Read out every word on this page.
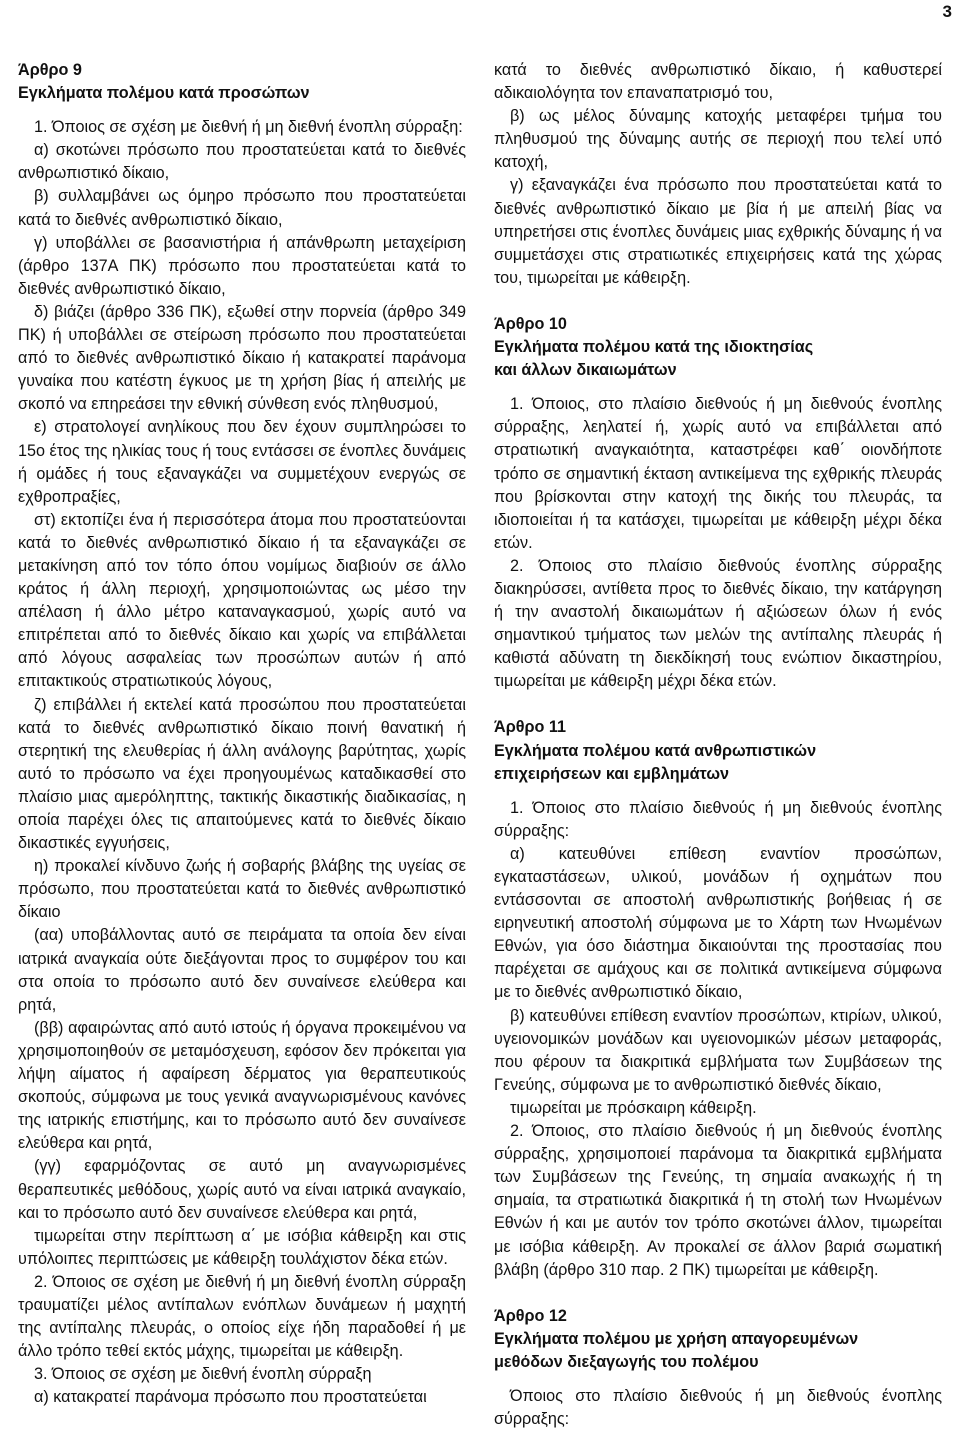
3

Άρθρο 9

Εγκλήματα πολέμου κατά προσώπων

1. Όποιος σε σχέση με διεθνή ή μη διεθνή ένοπλη σύρραξη:

α) σκοτώνει πρόσωπο που προστατεύεται κατά το διεθνές ανθρωπιστικό δίκαιο,

β) συλλαμβάνει ως όμηρο πρόσωπο που προστατεύεται κατά το διεθνές ανθρωπιστικό δίκαιο,

γ) υποβάλλει σε βασανιστήρια ή απάνθρωπη μεταχείριση (άρθρο 137Α ΠΚ) πρόσωπο που προστατεύεται κατά το διεθνές ανθρωπιστικό δίκαιο,

δ) βιάζει (άρθρο 336 ΠΚ), εξωθεί στην πορνεία (άρθρο 349 ΠΚ) ή υποβάλλει σε στείρωση πρόσωπο που προστατεύεται από το διεθνές ανθρωπιστικό δίκαιο ή κατακρατεί παράνομα γυναίκα που κατέστη έγκυος με τη χρήση βίας ή απειλής με σκοπό να επηρεάσει την εθνική σύνθεση ενός πληθυσμού,

ε) στρατολογεί ανηλίκους που δεν έχουν συμπληρώσει το 15ο έτος της ηλικίας τους ή τους εντάσσει σε ένοπλες δυνάμεις ή ομάδες ή τους εξαναγκάζει να συμμετέχουν ενεργώς σε εχθροπραξίες,

στ) εκτοπίζει ένα ή περισσότερα άτομα που προστατεύονται κατά το διεθνές ανθρωπιστικό δίκαιο ή τα εξαναγκάζει σε μετακίνηση από τον τόπο όπου νομίμως διαβιούν σε άλλο κράτος ή άλλη περιοχή, χρησιμοποιώντας ως μέσο την απέλαση ή άλλο μέτρο καταναγκασμού, χωρίς αυτό να επιτρέπεται από το διεθνές δίκαιο και χωρίς να επιβάλλεται από λόγους ασφαλείας των προσώπων αυτών ή από επιτακτικούς στρατιωτικούς λόγους,

ζ) επιβάλλει ή εκτελεί κατά προσώπου που προστατεύεται κατά το διεθνές ανθρωπιστικό δίκαιο ποινή θανατική ή στερητική της ελευθερίας ή άλλη ανάλογης βαρύτητας, χωρίς αυτό το πρόσωπο να έχει προηγουμένως καταδικασθεί στο πλαίσιο μιας αμερόληπτης, τακτικής δικαστικής διαδικασίας, η οποία παρέχει όλες τις απαιτούμενες κατά το διεθνές δίκαιο δικαστικές εγγυήσεις,

η) προκαλεί κίνδυνο ζωής ή σοβαρής βλάβης της υγείας σε πρόσωπο, που προστατεύεται κατά το διεθνές ανθρωπιστικό δίκαιο

(αα) υποβάλλοντας αυτό σε πειράματα τα οποία δεν είναι ιατρικά αναγκαία ούτε διεξάγονται προς το συμφέρον του και στα οποία το πρόσωπο αυτό δεν συναίνεσε ελεύθερα και ρητά,

(ββ) αφαιρώντας από αυτό ιστούς ή όργανα προκειμένου να χρησιμοποιηθούν σε μεταμόσχευση, εφόσον δεν πρόκειται για λήψη αίματος ή αφαίρεση δέρματος για θεραπευτικούς σκοπούς, σύμφωνα με τους γενικά αναγνωρισμένους κανόνες της ιατρικής επιστήμης, και το πρόσωπο αυτό δεν συναίνεσε ελεύθερα και ρητά,

(γγ) εφαρμόζοντας σε αυτό μη αναγνωρισμένες θεραπευτικές μεθόδους, χωρίς αυτό να είναι ιατρικά αναγκαίο, και το πρόσωπο αυτό δεν συναίνεσε ελεύθερα και ρητά,

τιμωρείται στην περίπτωση α΄ με ισόβια κάθειρξη και στις υπόλοιπες περιπτώσεις με κάθειρξη τουλάχιστον δέκα ετών.

2. Όποιος σε σχέση με διεθνή ή μη διεθνή ένοπλη σύρραξη τραυματίζει μέλος αντίπαλων ενόπλων δυνάμεων ή μαχητή της αντίπαλης πλευράς, ο οποίος είχε ήδη παραδοθεί ή με άλλο τρόπο τεθεί εκτός μάχης, τιμωρείται με κάθειρξη.

3. Όποιος σε σχέση με διεθνή ένοπλη σύρραξη

α) κατακρατεί παράνομα πρόσωπο που προστατεύεται

κατά το διεθνές ανθρωπιστικό δίκαιο, ή καθυστερεί αδικαιολόγητα τον επαναπατρισμό του,

β) ως μέλος δύναμης κατοχής μεταφέρει τμήμα του πληθυσμού της δύναμης αυτής σε περιοχή που τελεί υπό κατοχή,

γ) εξαναγκάζει ένα πρόσωπο που προστατεύεται κατά το διεθνές ανθρωπιστικό δίκαιο με βία ή με απειλή βίας να υπηρετήσει στις ένοπλες δυνάμεις μιας εχθρικής δύναμης ή να συμμετάσχει στις στρατιωτικές επιχειρήσεις κατά της χώρας του, τιμωρείται με κάθειρξη.

Άρθρο 10

Εγκλήματα πολέμου κατά της ιδιοκτησίας

και άλλων δικαιωμάτων

1. Όποιος, στο πλαίσιο διεθνούς ή μη διεθνούς ένοπλης σύρραξης, λεηλατεί ή, χωρίς αυτό να επιβάλλεται από στρατιωτική αναγκαιότητα, καταστρέφει καθ΄ οιονδήποτε τρόπο σε σημαντική έκταση αντικείμενα της εχθρικής πλευράς που βρίσκονται στην κατοχή της δικής του πλευράς, τα ιδιοποιείται ή τα κατάσχει, τιμωρείται με κάθειρξη μέχρι δέκα ετών.

2. Όποιος στο πλαίσιο διεθνούς ένοπλης σύρραξης διακηρύσσει, αντίθετα προς το διεθνές δίκαιο, την κατάργηση ή την αναστολή δικαιωμάτων ή αξιώσεων όλων ή ενός σημαντικού τμήματος των μελών της αντίπαλης πλευράς ή καθιστά αδύνατη τη διεκδίκησή τους ενώπιον δικαστηρίου, τιμωρείται με κάθειρξη μέχρι δέκα ετών.

Άρθρο 11

Εγκλήματα πολέμου κατά ανθρωπιστικών

επιχειρήσεων και εμβλημάτων

1. Όποιος στο πλαίσιο διεθνούς ή μη διεθνούς ένοπλης σύρραξης:

α) κατευθύνει επίθεση εναντίον προσώπων, εγκαταστάσεων, υλικού, μονάδων ή οχημάτων που εντάσσονται σε αποστολή ανθρωπιστικής βοήθειας ή σε ειρηνευτική αποστολή σύμφωνα με το Χάρτη των Ηνωμένων Εθνών, για όσο διάστημα δικαιούνται της προστασίας που παρέχεται σε αμάχους και σε πολιτικά αντικείμενα σύμφωνα με το διεθνές ανθρωπιστικό δίκαιο,

β) κατευθύνει επίθεση εναντίον προσώπων, κτιρίων, υλικού, υγειονομικών μονάδων και υγειονομικών μέσων μεταφοράς, που φέρουν τα διακριτικά εμβλήματα των Συμβάσεων της Γενεύης, σύμφωνα με το ανθρωπιστικό διεθνές δίκαιο,

τιμωρείται με πρόσκαιρη κάθειρξη.

2. Όποιος, στο πλαίσιο διεθνούς ή μη διεθνούς ένοπλης σύρραξης, χρησιμοποιεί παράνομα τα διακριτικά εμβλήματα των Συμβάσεων της Γενεύης, τη σημαία ανακωχής ή τη σημαία, τα στρατιωτικά διακριτικά ή τη στολή των Ηνωμένων Εθνών ή και με αυτόν τον τρόπο σκοτώνει άλλον, τιμωρείται με ισόβια κάθειρξη. Αν προκαλεί σε άλλον βαριά σωματική βλάβη (άρθρο 310 παρ. 2 ΠΚ) τιμωρείται με κάθειρξη.

Άρθρο 12

Εγκλήματα πολέμου με χρήση απαγορευμένων

μεθόδων διεξαγωγής του πολέμου

Όποιος στο πλαίσιο διεθνούς ή μη διεθνούς ένοπλης σύρραξης:
